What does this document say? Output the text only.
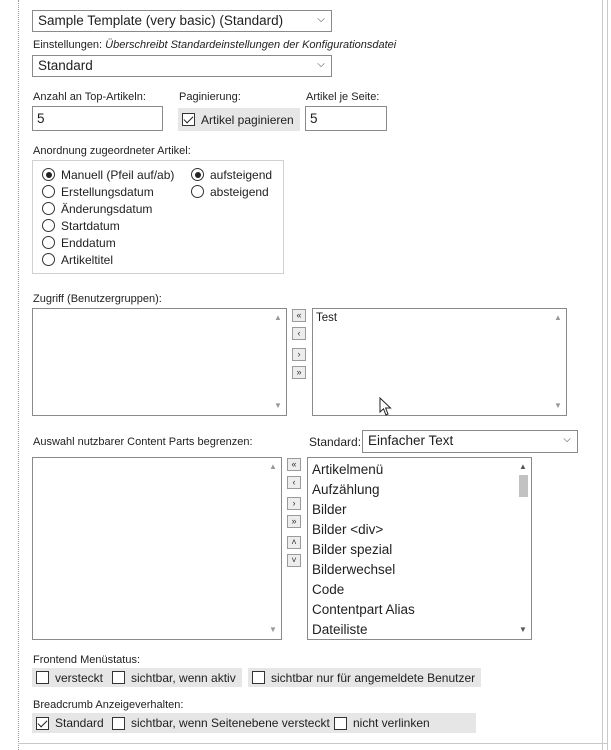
Sample Template (very basic) (Standard)	⌵
Einstellungen: Überschreibt Standardeinstellungen der Konfigurationsdatei
Standard	⌵
Anzahl an Top-Artikeln:
5
Paginierung:
Artikel paginieren
Artikel je Seite:
5
Anordnung zugeordneter Artikel:
Manuell (Pfeil auf/ab)
Erstellungsdatum
Änderungsdatum
Startdatum
Enddatum
Artikeltitel
aufsteigend
absteigend
Zugriff (Benutzergruppen):
▲
▼
«
‹
›
»
Test	▲
▼
Auswahl nutzbarer Content Parts begrenzen:	Standard: Einfacher Text	⌵
▲
▼
«
‹
›
»
˄
˅
Artikelmenü
Aufzählung
Bilder
Bilder <div>
Bilder spezial
Bilderwechsel
Code
Contentpart Alias
Dateiliste
▲
▼
Frontend Menüstatus:
versteckt sichtbar, wenn aktiv	sichtbar nur für angemeldete Benutzer
Breadcrumb Anzeigeverhalten:
Standard sichtbar, wenn Seitenebene versteckt nicht verlinken
